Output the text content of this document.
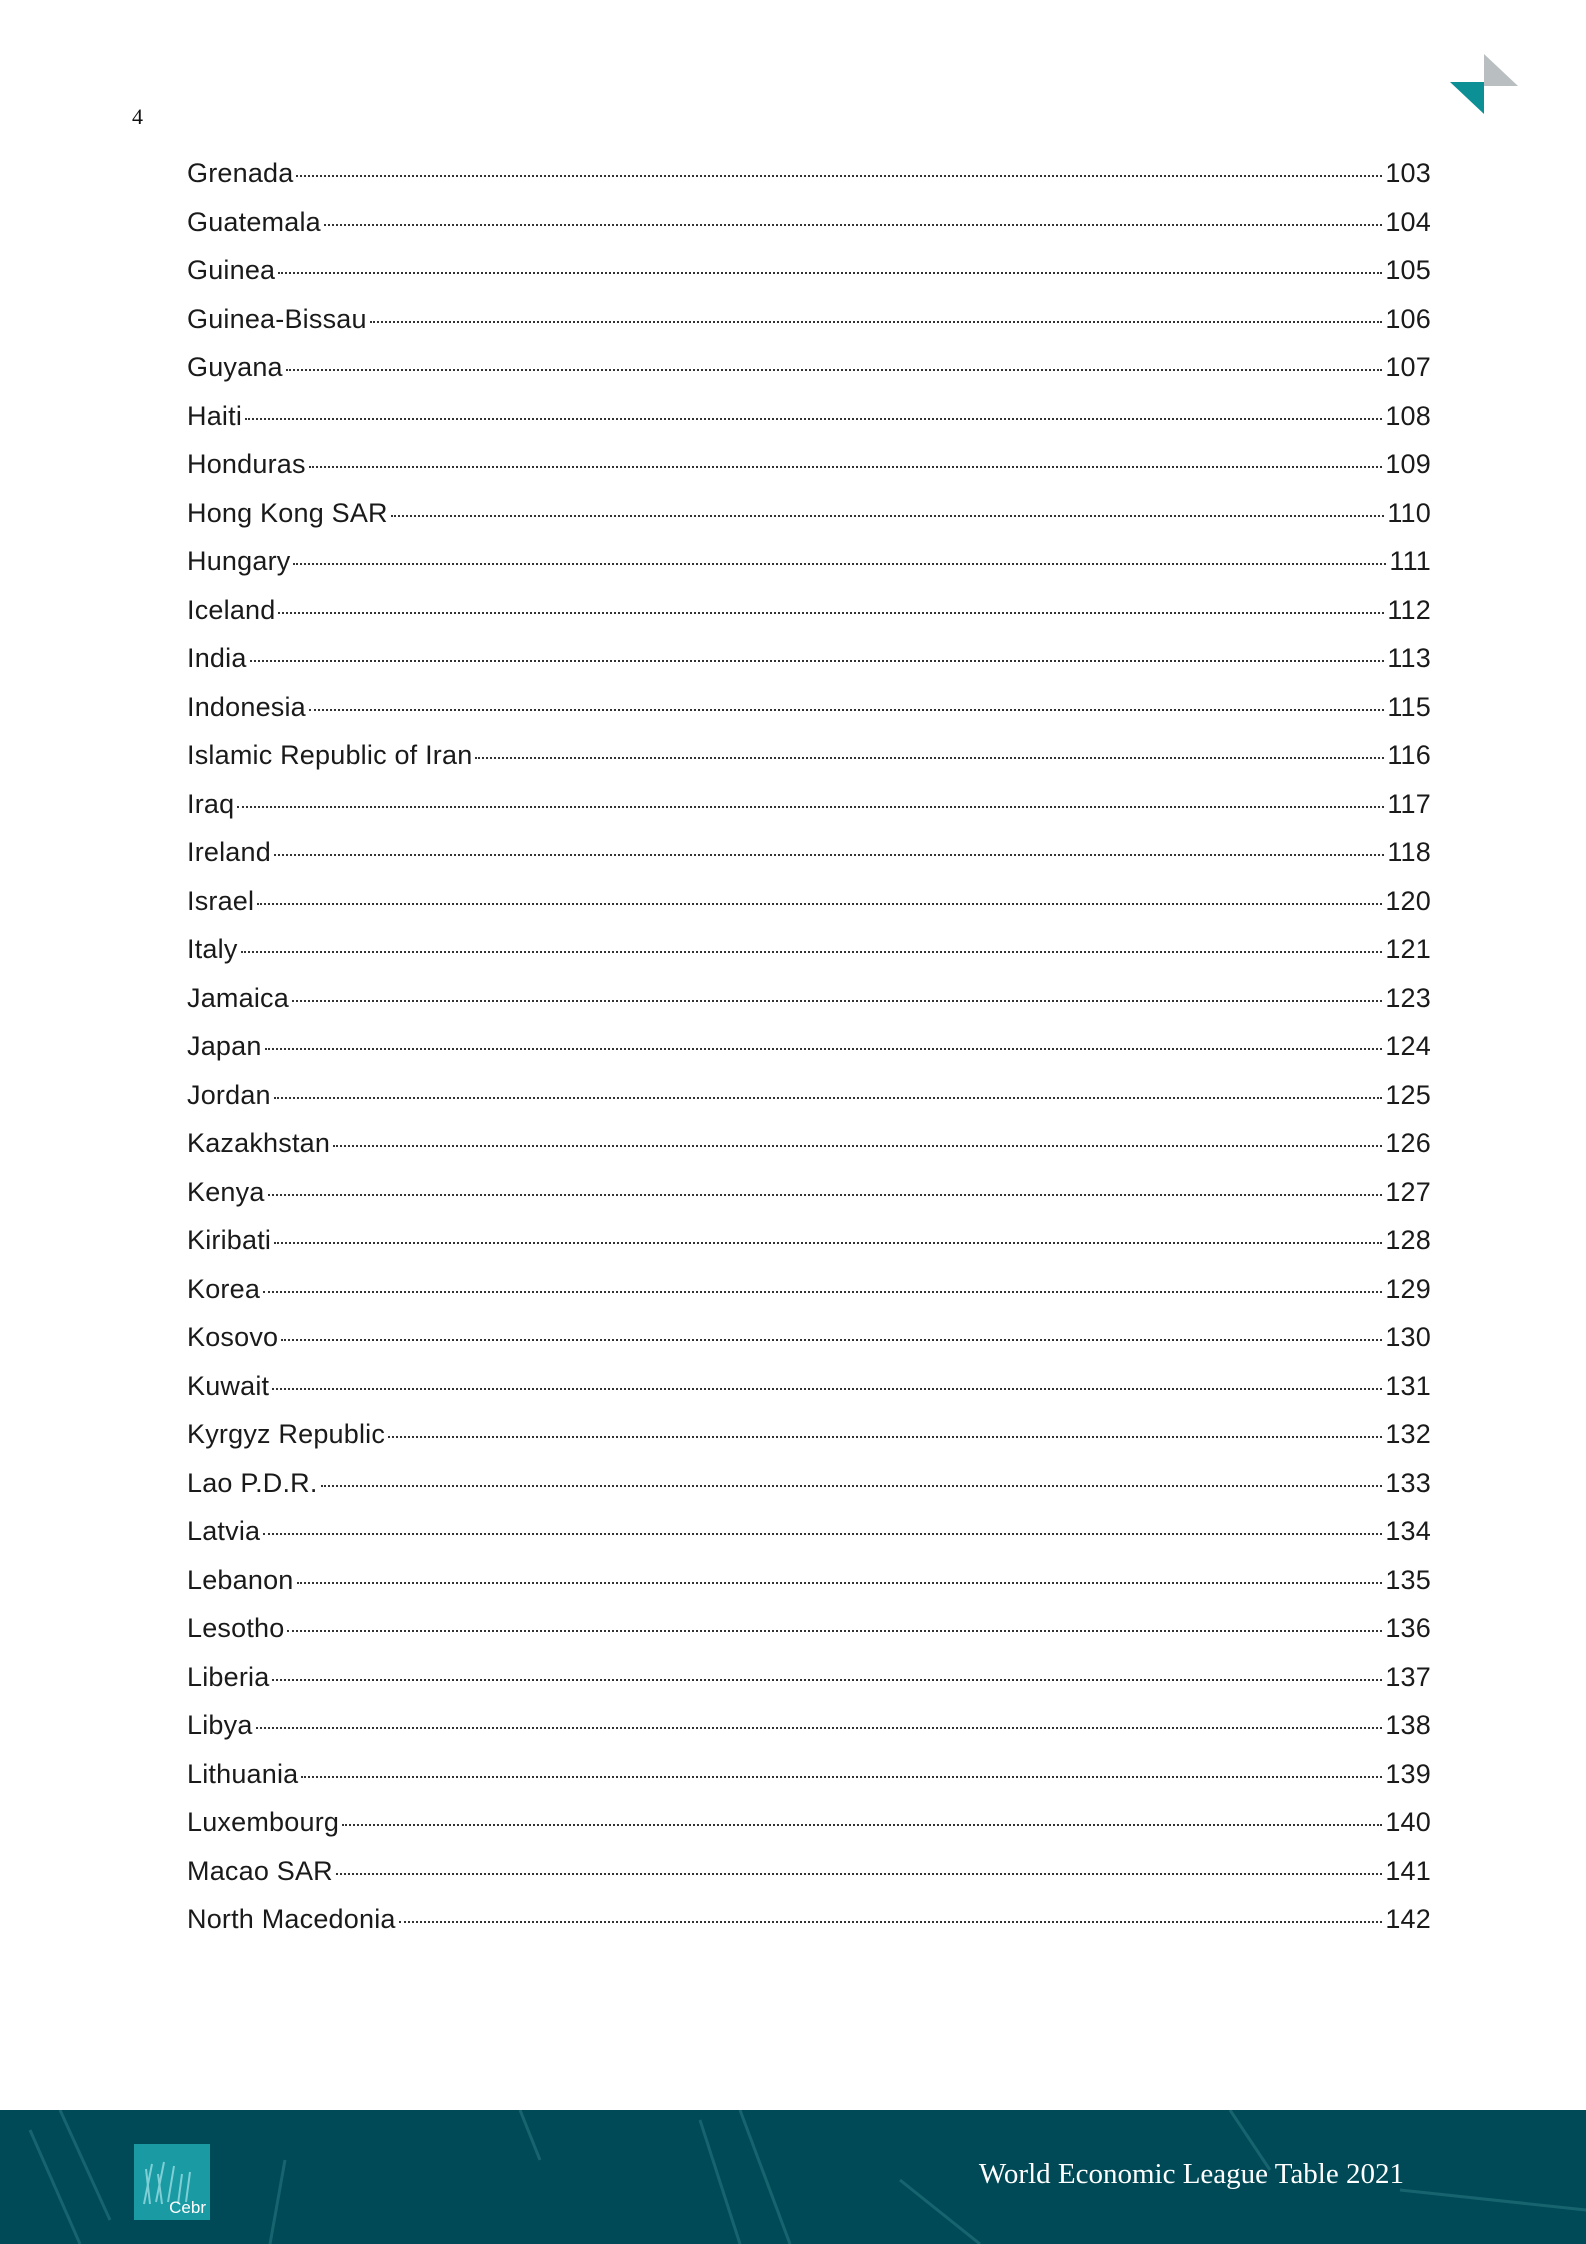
4
Grenada	103
Guatemala	104
Guinea	105
Guinea-Bissau	106
Guyana	107
Haiti	108
Honduras	109
Hong Kong SAR	110
Hungary	111
Iceland	112
India	113
Indonesia	115
Islamic Republic of Iran	116
Iraq	117
Ireland	118
Israel	120
Italy	121
Jamaica	123
Japan	124
Jordan	125
Kazakhstan	126
Kenya	127
Kiribati	128
Korea	129
Kosovo	130
Kuwait	131
Kyrgyz Republic	132
Lao P.D.R.	133
Latvia	134
Lebanon	135
Lesotho	136
Liberia	137
Libya	138
Lithuania	139
Luxembourg	140
Macao SAR	141
North Macedonia	142
Cebr
World Economic League Table 2021
